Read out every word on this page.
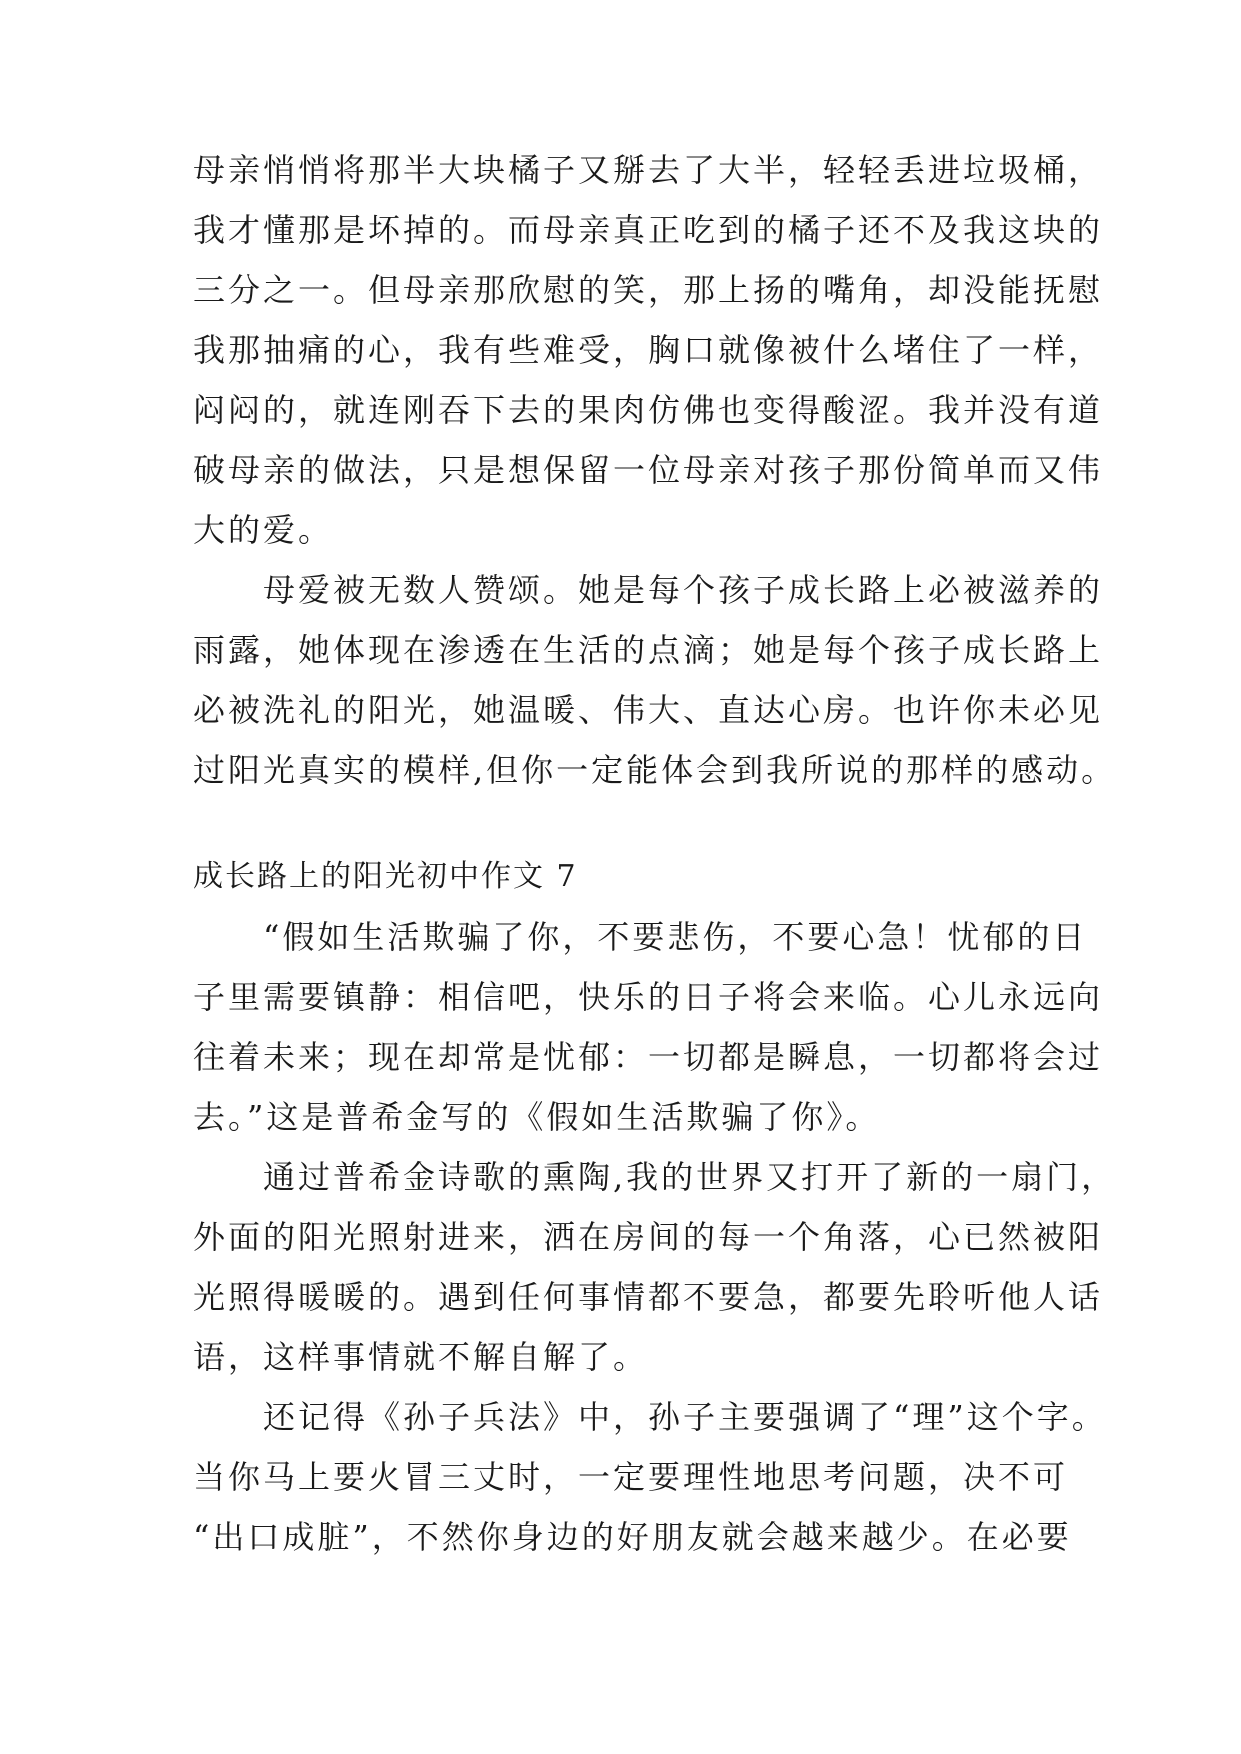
母亲悄悄将那半大块橘子又掰去了大半，轻轻丢进垃圾桶，
我才懂那是坏掉的。而母亲真正吃到的橘子还不及我这块的
三分之一。但母亲那欣慰的笑，那上扬的嘴角，却没能抚慰
我那抽痛的心，我有些难受，胸口就像被什么堵住了一样，
闷闷的，就连刚吞下去的果肉仿佛也变得酸涩。我并没有道
破母亲的做法，只是想保留一位母亲对孩子那份简单而又伟
大的爱。
　　母爱被无数人赞颂。她是每个孩子成长路上必被滋养的
雨露，她体现在渗透在生活的点滴；她是每个孩子成长路上
必被洗礼的阳光，她温暖、伟大、直达心房。也许你未必见
过阳光真实的模样,但你一定能体会到我所说的那样的感动。
成长路上的阳光初中作文 7
　　“假如生活欺骗了你，不要悲伤，不要心急！忧郁的日
子里需要镇静：相信吧，快乐的日子将会来临。心儿永远向
往着未来；现在却常是忧郁：一切都是瞬息，一切都将会过
去。”这是普希金写的《假如生活欺骗了你》。
　　通过普希金诗歌的熏陶,我的世界又打开了新的一扇门，
外面的阳光照射进来，洒在房间的每一个角落，心已然被阳
光照得暖暖的。遇到任何事情都不要急，都要先聆听他人话
语，这样事情就不解自解了。
　　还记得《孙子兵法》中，孙子主要强调了“理”这个字。
当你马上要火冒三丈时，一定要理性地思考问题，决不可
“出口成脏”，不然你身边的好朋友就会越来越少。在必要
